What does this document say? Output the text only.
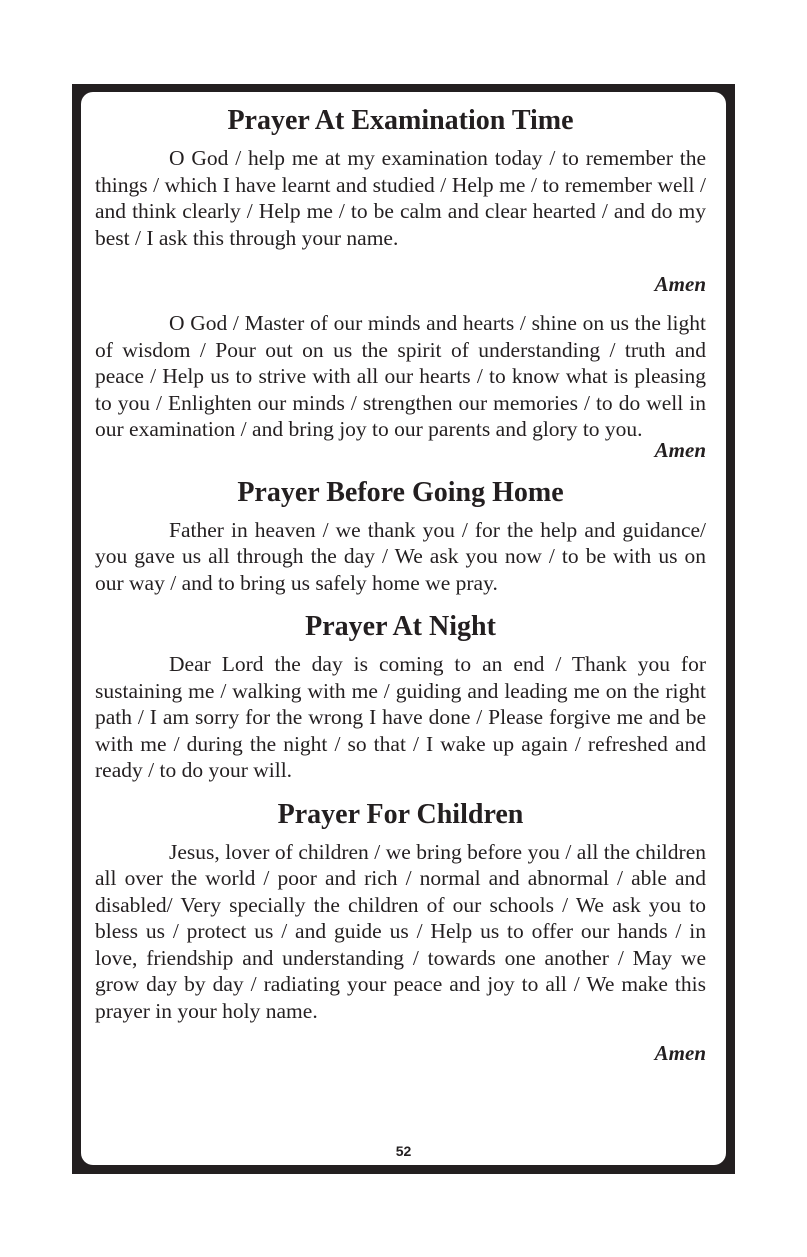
Prayer At Examination Time

O God / help me at my examination today / to remember the things / which I have learnt and studied / Help me / to remember well / and think clearly / Help me / to be calm and clear hearted / and do my best / I ask this through your name.

Amen

O God / Master of our minds and hearts / shine on us the light of wisdom / Pour out on us the spirit of understanding / truth and peace / Help us to strive with all our hearts / to know what is pleasing to you / Enlighten our minds / strengthen our memories / to do well in our examination / and bring joy to our parents and glory to you.

Amen
Prayer Before Going Home

Father in heaven / we thank you / for the help and guidance/ you gave us all through the day / We ask you now / to be with us on our way / and to bring us safely home we pray.

Prayer At Night

Dear Lord the day is coming to an end / Thank you for sustaining me / walking with me / guiding and leading me on the right path / I am sorry for the wrong I have done / Please forgive me and be with me / during the night / so that / I wake up again / refreshed and ready / to do your will.

Prayer For Children

Jesus, lover of children / we bring before you / all the children all over the world / poor and rich / normal and abnormal / able and disabled/ Very specially the children of our schools / We ask you to bless us / protect us / and guide us / Help us to offer our hands / in love, friendship and understanding / towards one another / May we grow day by day / radiating your peace and joy to all / We make this prayer in your holy name.

Amen
52
